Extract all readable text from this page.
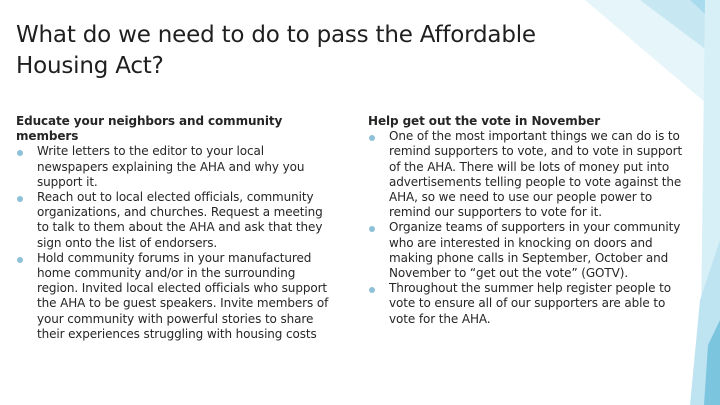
What do we need to do to pass the Affordable Housing Act?

Educate your neighbors and community members

Write letters to the editor to your local newspapers explaining the AHA and why you support it.
Reach out to local elected officials, community organizations, and churches. Request a meeting to talk to them about the AHA and ask that they sign onto the list of endorsers.
Hold community forums in your manufactured home community and/or in the surrounding region. Invited local elected officials who support the AHA to be guest speakers. Invite members of your community with powerful stories to share their experiences struggling with housing costs

Help get out the vote in November

One of the most important things we can do is to remind supporters to vote, and to vote in support of the AHA. There will be lots of money put into advertisements telling people to vote against the AHA, so we need to use our people power to remind our supporters to vote for it.
Organize teams of supporters in your community who are interested in knocking on doors and making phone calls in September, October and November to “get out the vote” (GOTV).
Throughout the summer help register people to vote to ensure all of our supporters are able to vote for the AHA.
